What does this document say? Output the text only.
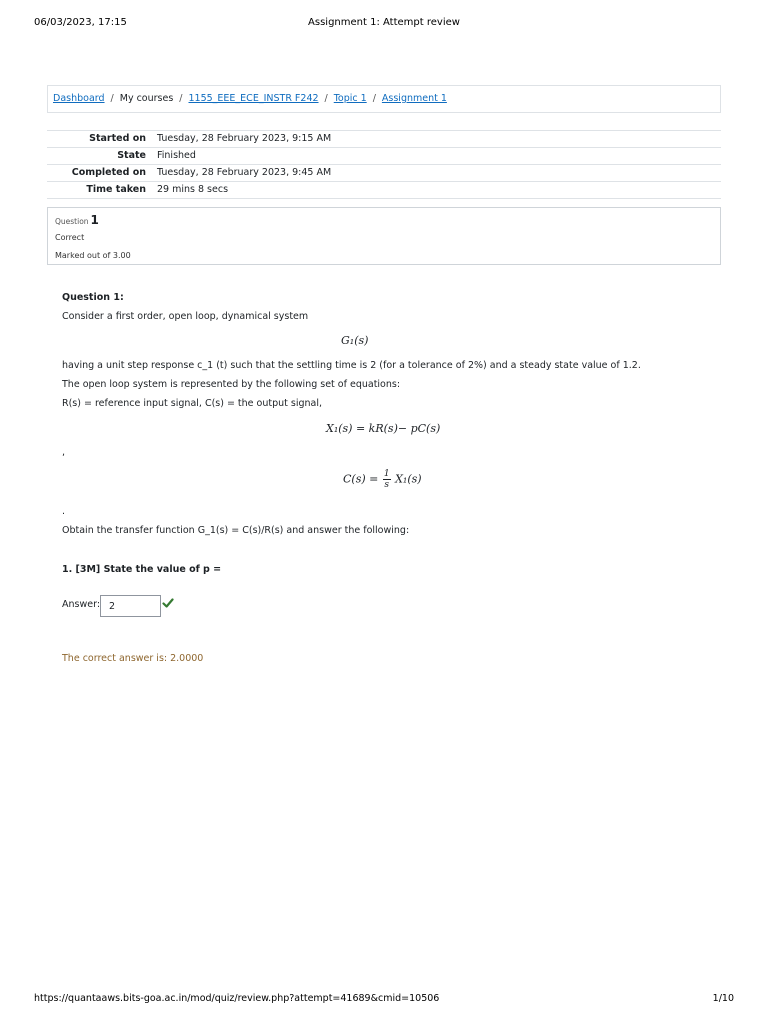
06/03/2023, 17:15	Assignment 1: Attempt review
Dashboard / My courses / 1155_EEE_ECE_INSTR F242 / Topic 1 / Assignment 1
Started on Tuesday, 28 February 2023, 9:15 AM
State Finished
Completed on Tuesday, 28 February 2023, 9:45 AM
Time taken 29 mins 8 secs
Question 1
Correct
Marked out of 3.00
Question 1:
Consider a first order, open loop, dynamical system
G₁(s)
having a unit step response c_1 (t) such that the settling time is 2 (for a tolerance of 2%) and a steady state value of 1.2.
The open loop system is represented by the following set of equations:
R(s) = reference input signal, C(s) = the output signal,
X₁(s) = kR(s)− pC(s)
,
$C(s) = \frac{1}{s} X_1(s)$
.
Obtain the transfer function G_1(s) = C(s)/R(s) and answer the following:
1. [3M] State the value of p =
Answer: 2
The correct answer is: 2.0000
https://quantaaws.bits-goa.ac.in/mod/quiz/review.php?attempt=41689&cmid=10506	1/10
